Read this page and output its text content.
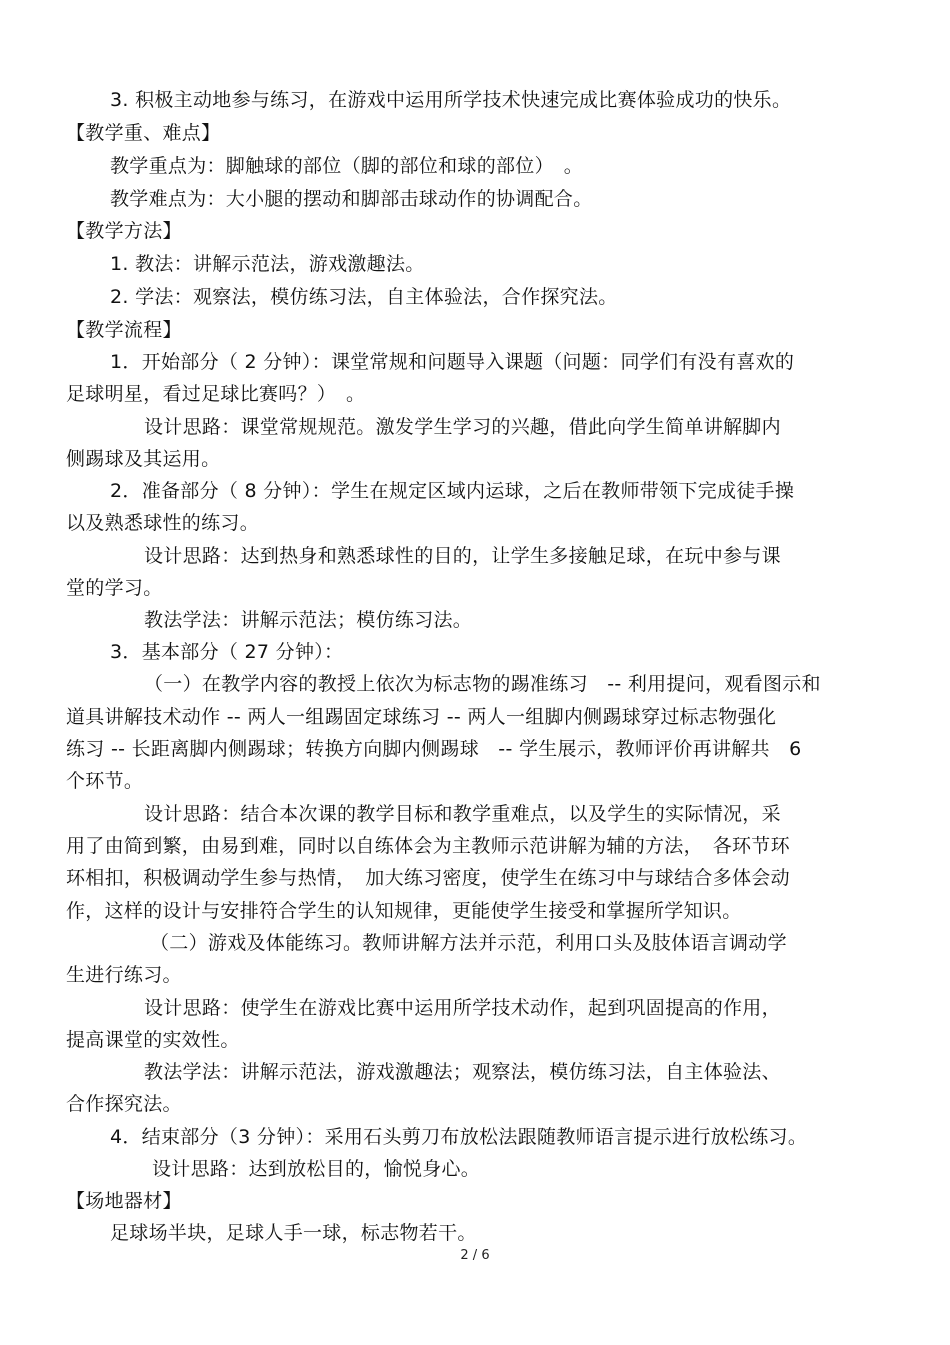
3. 积极主动地参与练习，在游戏中运用所学技术快速完成比赛体验成功的快乐。
【教学重、难点】
教学重点为：脚触球的部位（脚的部位和球的部位）　。
教学难点为：大小腿的摆动和脚部击球动作的协调配合。
【教学方法】
1. 教法：讲解示范法，游戏激趣法。
2. 学法：观察法，模仿练习法，自主体验法，合作探究法。
【教学流程】
1．开始部分（ 2 分钟）：课堂常规和问题导入课题（问题：同学们有没有喜欢的
足球明星，看过足球比赛吗？）　。
设计思路：课堂常规规范。激发学生学习的兴趣，借此向学生简单讲解脚内
侧踢球及其运用。
2．准备部分（ 8 分钟）：学生在规定区域内运球，之后在教师带领下完成徒手操
以及熟悉球性的练习。
设计思路：达到热身和熟悉球性的目的，让学生多接触足球，在玩中参与课
堂的学习。
教法学法：讲解示范法；模仿练习法。
3．基本部分（ 27 分钟）：
（一）在教学内容的教授上依次为标志物的踢准练习　-- 利用提问，观看图示和
道具讲解技术动作 -- 两人一组踢固定球练习 -- 两人一组脚内侧踢球穿过标志物强化
练习 -- 长距离脚内侧踢球；转换方向脚内侧踢球　-- 学生展示，教师评价再讲解共　6
个环节。
设计思路：结合本次课的教学目标和教学重难点，以及学生的实际情况，采
用了由简到繁，由易到难，同时以自练体会为主教师示范讲解为辅的方法，　各环节环
环相扣，积极调动学生参与热情，　加大练习密度，使学生在练习中与球结合多体会动
作，这样的设计与安排符合学生的认知规律，更能使学生接受和掌握所学知识。
（二）游戏及体能练习。教师讲解方法并示范，利用口头及肢体语言调动学
生进行练习。
设计思路：使学生在游戏比赛中运用所学技术动作，起到巩固提高的作用，
提高课堂的实效性。
教法学法：讲解示范法，游戏激趣法；观察法，模仿练习法，自主体验法、
合作探究法。
4．结束部分（3 分钟）：采用石头剪刀布放松法跟随教师语言提示进行放松练习。
设计思路：达到放松目的，愉悦身心。
【场地器材】
足球场半块，足球人手一球，标志物若干。
2 / 6
